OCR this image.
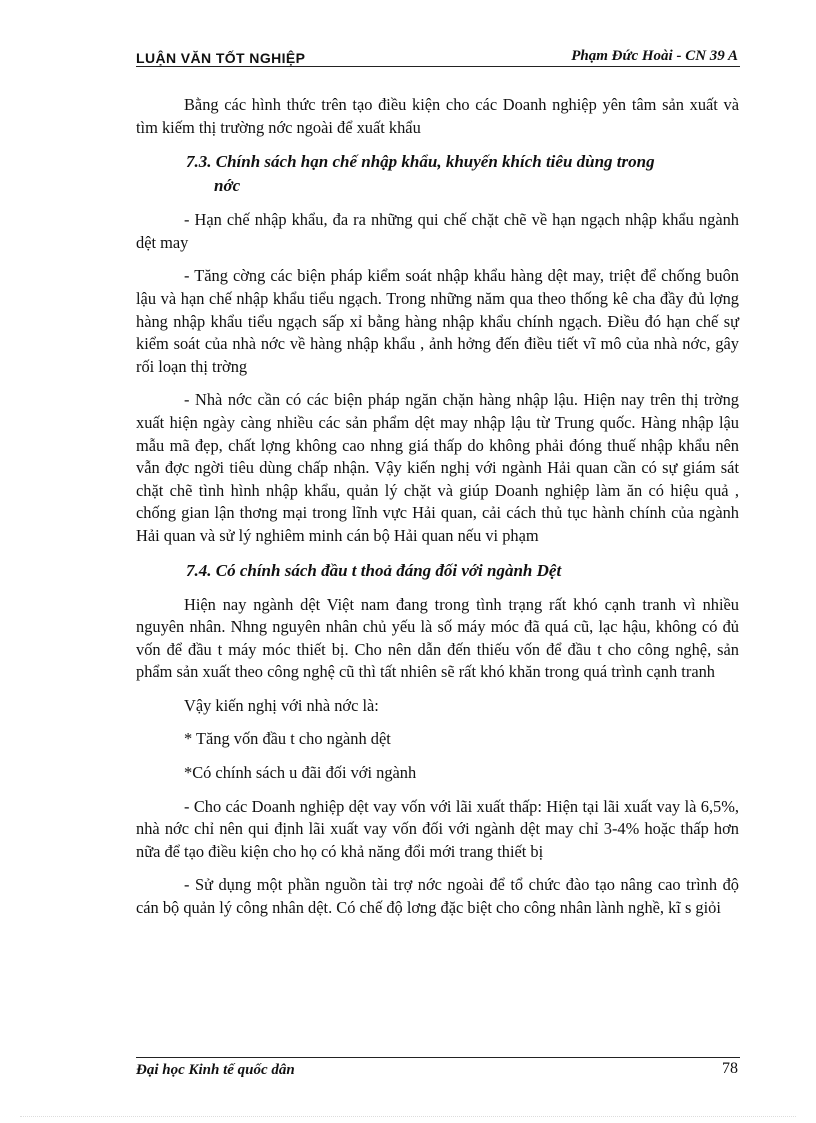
LUẬN VĂN TỐT NGHIỆP	Phạm Đức Hoài - CN 39 A

Bằng các hình thức trên tạo điều kiện cho các Doanh nghiệp yên tâm sản xuất và tìm kiếm thị trường nớc ngoài để xuất khẩu

7.3. Chính sách hạn chế nhập khẩu, khuyến khích tiêu dùng trong
nớc

- Hạn chế nhập khẩu, đa ra những qui chế chặt chẽ về hạn ngạch nhập khẩu ngành dệt may

- Tăng cờng các biện pháp kiểm soát nhập khẩu hàng dệt may, triệt để chống buôn lậu và hạn chế nhập khẩu tiểu ngạch. Trong những năm qua theo thống kê cha đầy đủ lợng hàng nhập khẩu tiểu ngạch sấp xỉ bằng hàng nhập khẩu chính ngạch. Điều đó hạn chế sự kiểm soát của nhà nớc về hàng nhập khẩu , ảnh hởng đến điều tiết vĩ mô của nhà nớc, gây rối loạn thị trờng

- Nhà nớc cần có các biện pháp ngăn chặn hàng nhập lậu. Hiện nay trên thị trờng xuất hiện ngày càng nhiều các sản phẩm dệt may nhập lậu từ Trung quốc. Hàng nhập lậu mẫu mã đẹp, chất lợng không cao nhng giá thấp do không phải đóng thuế nhập khẩu nên vẫn đợc ngời tiêu dùng chấp nhận. Vậy kiến nghị với ngành Hải quan cần có sự giám sát chặt chẽ tình hình nhập khẩu, quản lý chặt và giúp Doanh nghiệp làm ăn có hiệu quả , chống gian lận thơng mại trong lĩnh vực Hải quan, cải cách thủ tục hành chính của ngành Hải quan và sử lý nghiêm minh cán bộ Hải quan nếu vi phạm

7.4. Có chính sách đầu t thoả đáng đối với ngành Dệt

Hiện nay ngành dệt Việt nam đang trong tình trạng rất khó cạnh tranh vì nhiều nguyên nhân. Nhng nguyên nhân chủ yếu là số máy móc đã quá cũ, lạc hậu, không có đủ vốn để đầu t máy móc thiết bị. Cho nên dẫn đến thiếu vốn để đầu t cho công nghệ, sản phẩm sản xuất theo công nghệ cũ thì tất nhiên sẽ rất khó khăn trong quá trình cạnh tranh

Vậy kiến nghị với nhà nớc là:

* Tăng vốn đầu t cho ngành dệt

*Có chính sách u đãi đối với ngành

- Cho các Doanh nghiệp dệt vay vốn với lãi xuất thấp: Hiện tại lãi xuất vay là 6,5%, nhà nớc chỉ nên qui định lãi xuất vay vốn đối với ngành dệt may chỉ 3-4% hoặc thấp hơn nữa để tạo điều kiện cho họ có khả năng đổi mới trang thiết bị

- Sử dụng một phần nguồn tài trợ nớc ngoài để tổ chức đào tạo nâng cao trình độ cán bộ quản lý công nhân dệt. Có chế độ lơng đặc biệt cho công nhân lành nghề, kĩ s giỏi

Đại học Kinh tế quốc dân	78
